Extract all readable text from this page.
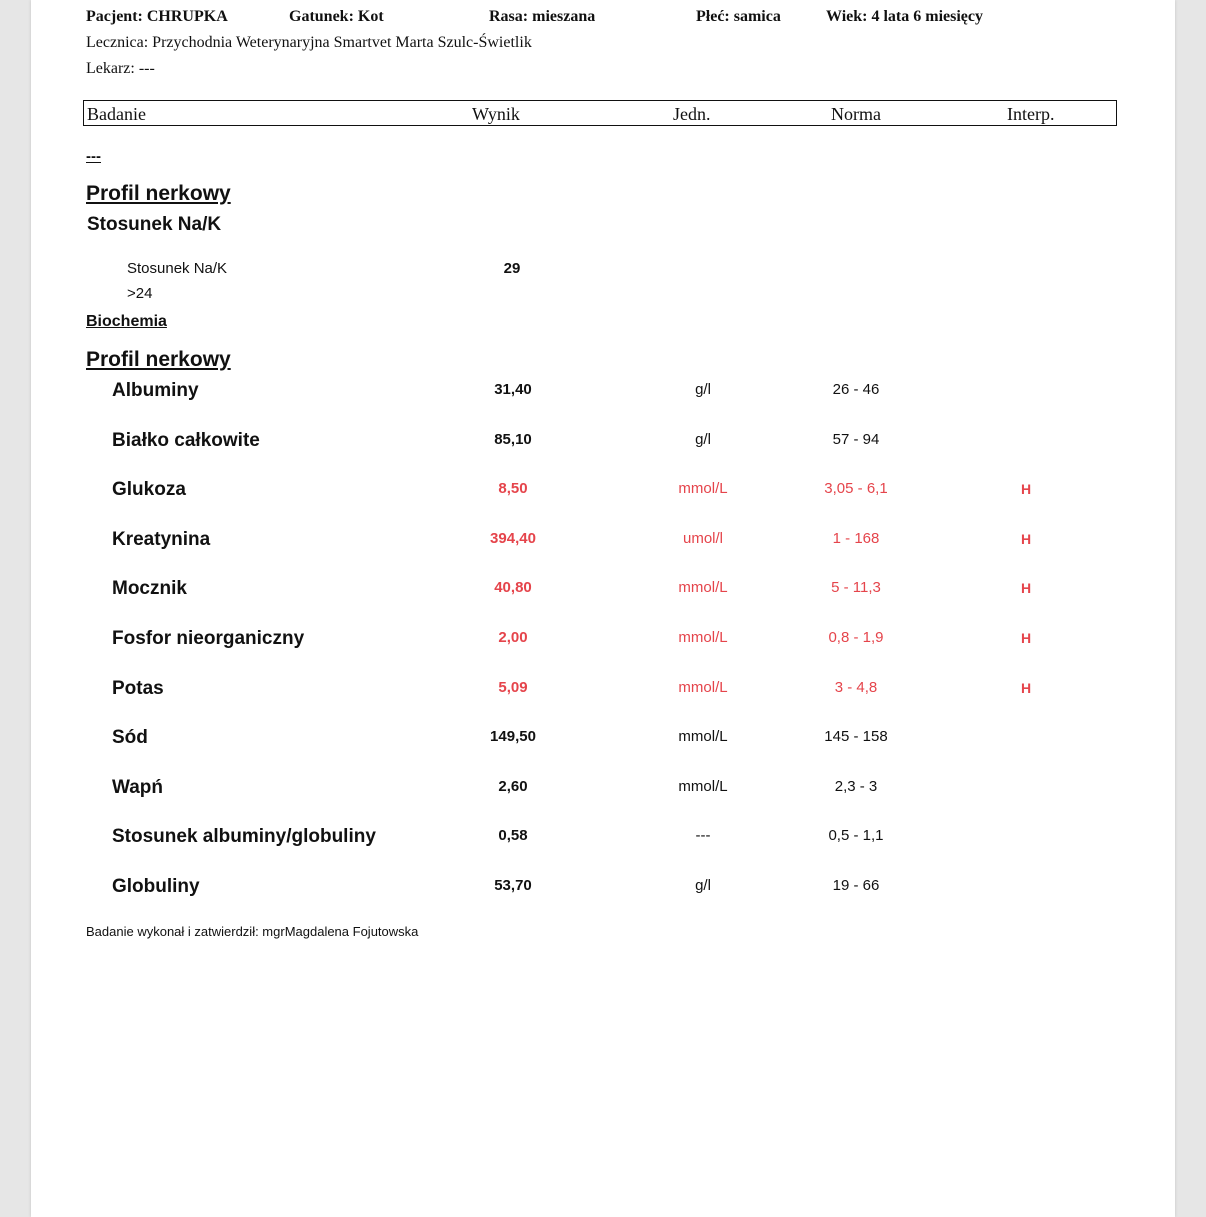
Pacjent: CHRUPKA	Gatunek: Kot	Rasa: mieszana	Płeć: samica	Wiek: 4 lata 6 miesięcy
Lecznica: Przychodnia Weterynaryjna Smartvet Marta Szulc-Świetlik
Lekarz: ---
Badanie	Wynik	Jedn.	Norma	Interp.
---
Profil nerkowy
Stosunek Na/K
Stosunek Na/K	29
>24
Biochemia
Profil nerkowy
Albuminy	31,40	g/l	26 - 46
Białko całkowite	85,10	g/l	57 - 94
Glukoza	8,50	mmol/L	3,05 - 6,1	H
Kreatynina	394,40	umol/l	1 - 168	H
Mocznik	40,80	mmol/L	5 - 11,3	H
Fosfor nieorganiczny	2,00	mmol/L	0,8 - 1,9	H
Potas	5,09	mmol/L	3 - 4,8	H
Sód	149,50	mmol/L	145 - 158
Wapń	2,60	mmol/L	2,3 - 3
Stosunek albuminy/globuliny	0,58	---	0,5 - 1,1
Globuliny	53,70	g/l	19 - 66
Badanie wykonał i zatwierdził: mgrMagdalena Fojutowska
